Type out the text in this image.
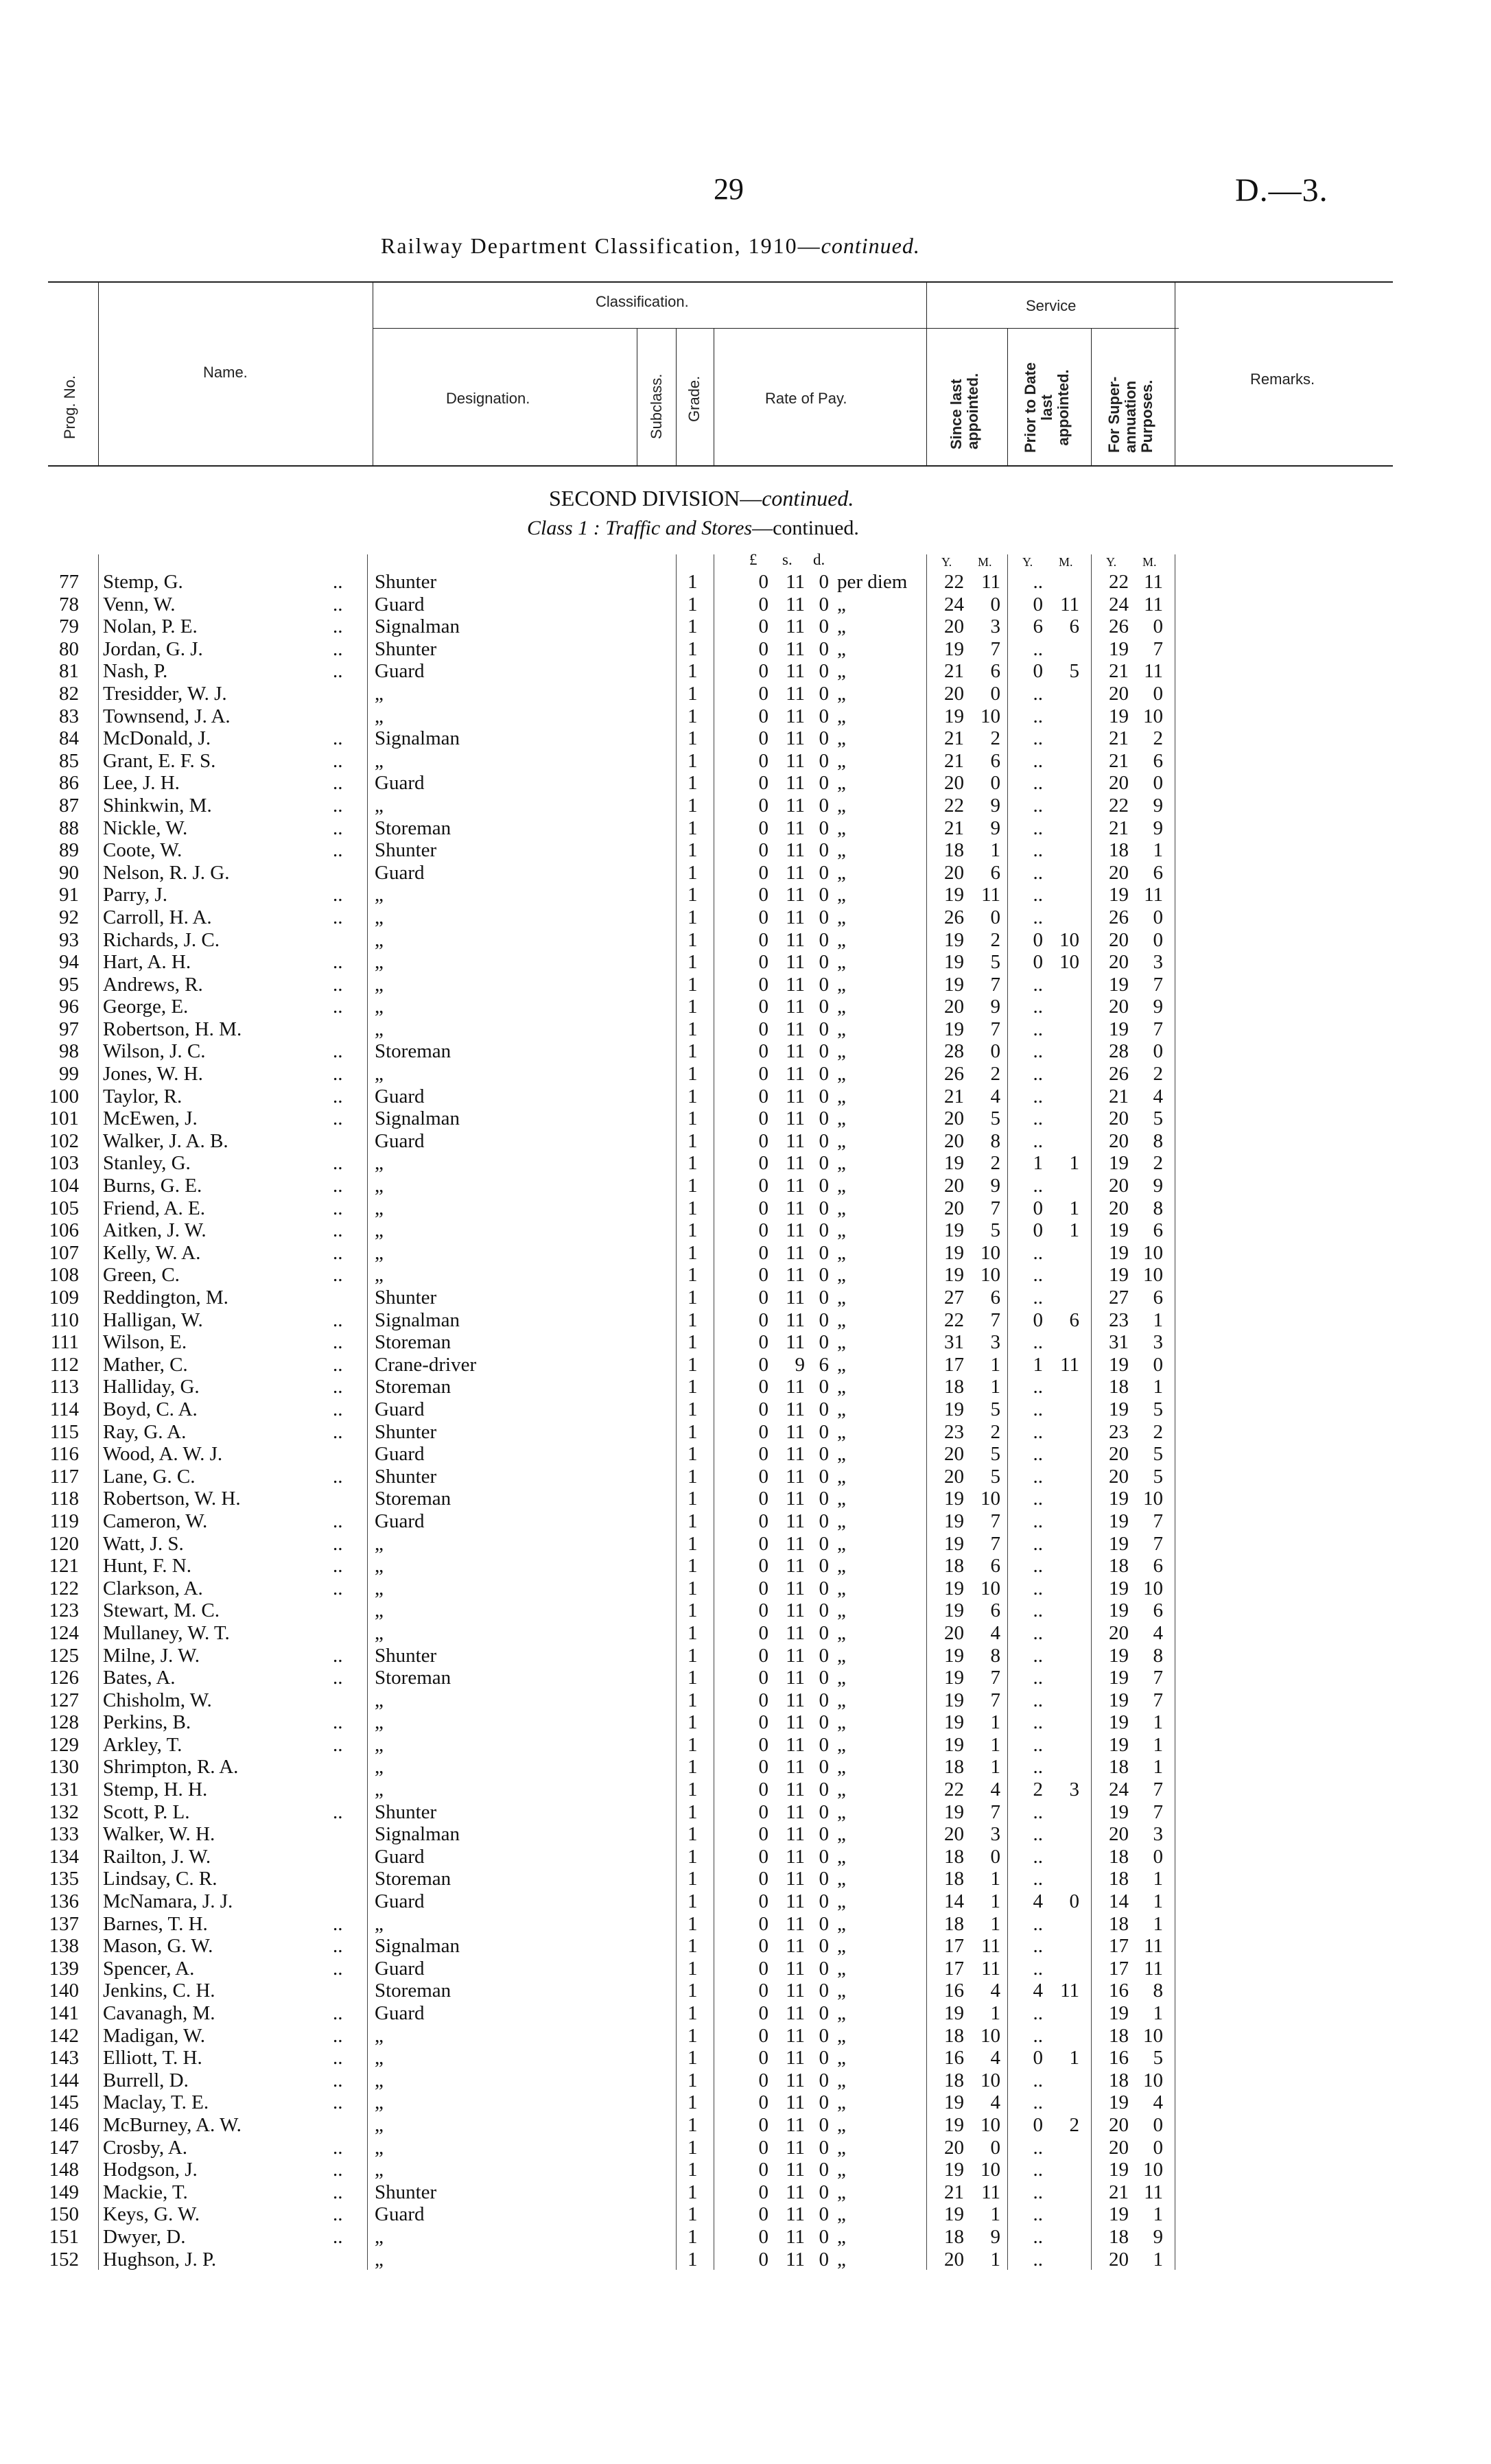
29	D.—3.
Railway Department Classification, 1910—continued.
Prog. No.
Name.
Classification.
Designation.	Subclass. Grade.	Rate of Pay.
Service
Since last appointed.	Prior to Date last appointed. For Super- annuation Purposes.
Remarks.
SECOND DIVISION—continued.
Class 1 : Traffic and Stores—continued.
£ s. d.	Y. M. Y. M.	Y. M.
77 Stemp, G.	.. Shunter	1	0 11 0 per diem	22 11	..	22 11
78 Venn, W.	.. Guard	1	0 11 0 „	24	0	0 11	24 11
79 Nolan, P. E.	.. Signalman	1	0 11 0 „	20	3	6	6	26	0
80 Jordan, G. J.	.. Shunter	1	0 11 0 „	19	7	..	19	7
81 Nash, P.	.. Guard	1	0 11 0 „	21	6	0	5	21 11
82 Tresidder, W. J.	„	1	0 11 0 „	20	0	..	20	0
83 Townsend, J. A.	„	1	0 11 0 „	19 10	..	19 10
84 McDonald, J.	.. Signalman	1	0 11 0 „	21	2	..	21	2
85 Grant, E. F. S.	.. „	1	0 11 0 „	21	6	..	21	6
86 Lee, J. H.	.. Guard	1	0 11 0 „	20	0	..	20	0
87 Shinkwin, M.	.. „	1	0 11 0 „	22	9	..	22	9
88 Nickle, W.	.. Storeman	1	0 11 0 „	21	9	..	21	9
89 Coote, W.	.. Shunter	1	0 11 0 „	18	1	..	18	1
90 Nelson, R. J. G.	Guard	1	0 11 0 „	20	6	..	20	6
91 Parry, J.	.. „	1	0 11 0 „	19 11	..	19 11
92 Carroll, H. A.	.. „	1	0 11 0 „	26	0	..	26	0
93 Richards, J. C.	„	1	0 11 0 „	19	2	0 10	20	0
94 Hart, A. H.	.. „	1	0 11 0 „	19	5	0 10	20	3
95 Andrews, R.	.. „	1	0 11 0 „	19	7	..	19	7
96 George, E.	.. „	1	0 11 0 „	20	9	..	20	9
97 Robertson, H. M.	„	1	0 11 0 „	19	7	..	19	7
98 Wilson, J. C.	.. Storeman	1	0 11 0 „	28	0	..	28	0
99 Jones, W. H.	.. „	1	0 11 0 „	26	2	..	26	2
100 Taylor, R.	.. Guard	1	0 11 0 „	21	4	..	21	4
101 McEwen, J.	.. Signalman	1	0 11 0 „	20	5	..	20	5
102 Walker, J. A. B.	Guard	1	0 11 0 „	20	8	..	20	8
103 Stanley, G.	.. „	1	0 11 0 „	19	2	1	1	19	2
104 Burns, G. E.	.. „	1	0 11 0 „	20	9	..	20	9
105 Friend, A. E.	.. „	1	0 11 0 „	20	7	0	1	20	8
106 Aitken, J. W.	.. „	1	0 11 0 „	19	5	0	1	19	6
107 Kelly, W. A.	.. „	1	0 11 0 „	19 10	..	19 10
108 Green, C.	.. „	1	0 11 0 „	19 10	..	19 10
109 Reddington, M.	Shunter	1	0 11 0 „	27	6	..	27	6
110 Halligan, W.	.. Signalman	1	0 11 0 „	22	7	0	6	23	1
111 Wilson, E.	.. Storeman	1	0 11 0 „	31	3	..	31	3
112 Mather, C.	.. Crane-driver	1	0	9 6 „	17	1	1 11	19	0
113 Halliday, G.	.. Storeman	1	0 11 0 „	18	1	..	18	1
114 Boyd, C. A.	.. Guard	1	0 11 0 „	19	5	..	19	5
115 Ray, G. A.	.. Shunter	1	0 11 0 „	23	2	..	23	2
116 Wood, A. W. J.	Guard	1	0 11 0 „	20	5	..	20	5
117 Lane, G. C.	.. Shunter	1	0 11 0 „	20	5	..	20	5
118 Robertson, W. H.	Storeman	1	0 11 0 „	19 10	..	19 10
119 Cameron, W.	.. Guard	1	0 11 0 „	19	7	..	19	7
120 Watt, J. S.	.. „	1	0 11 0 „	19	7	..	19	7
121 Hunt, F. N.	.. „	1	0 11 0 „	18	6	..	18	6
122 Clarkson, A.	.. „	1	0 11 0 „	19 10	..	19 10
123 Stewart, M. C.	„	1	0 11 0 „	19	6	..	19	6
124 Mullaney, W. T.	„	1	0 11 0 „	20	4	..	20	4
125 Milne, J. W.	.. Shunter	1	0 11 0 „	19	8	..	19	8
126 Bates, A.	.. Storeman	1	0 11 0 „	19	7	..	19	7
127 Chisholm, W.	„	1	0 11 0 „	19	7	..	19	7
128 Perkins, B.	.. „	1	0 11 0 „	19	1	..	19	1
129 Arkley, T.	.. „	1	0 11 0 „	19	1	..	19	1
130 Shrimpton, R. A.	„	1	0 11 0 „	18	1	..	18	1
131 Stemp, H. H.	„	1	0 11 0 „	22	4	2	3	24	7
132 Scott, P. L.	.. Shunter	1	0 11 0 „	19	7	..	19	7
133 Walker, W. H.	Signalman	1	0 11 0 „	20	3	..	20	3
134 Railton, J. W.	Guard	1	0 11 0 „	18	0	..	18	0
135 Lindsay, C. R.	Storeman	1	0 11 0 „	18	1	..	18	1
136 McNamara, J. J.	Guard	1	0 11 0 „	14	1	4	0	14	1
137 Barnes, T. H.	.. „	1	0 11 0 „	18	1	..	18	1
138 Mason, G. W.	.. Signalman	1	0 11 0 „	17 11	..	17 11
139 Spencer, A.	.. Guard	1	0 11 0 „	17 11	..	17 11
140 Jenkins, C. H.	Storeman	1	0 11 0 „	16	4	4 11	16	8
141 Cavanagh, M.	.. Guard	1	0 11 0 „	19	1	..	19	1
142 Madigan, W.	.. „	1	0 11 0 „	18 10	..	18 10
143 Elliott, T. H.	.. „	1	0 11 0 „	16	4	0	1	16	5
144 Burrell, D.	.. „	1	0 11 0 „	18 10	..	18 10
145 Maclay, T. E.	.. „	1	0 11 0 „	19	4	..	19	4
146 McBurney, A. W.	„	1	0 11 0 „	19 10	0	2	20	0
147 Crosby, A.	.. „	1	0 11 0 „	20	0	..	20	0
148 Hodgson, J.	.. „	1	0 11 0 „	19 10	..	19 10
149 Mackie, T.	.. Shunter	1	0 11 0 „	21 11	..	21 11
150 Keys, G. W.	.. Guard	1	0 11 0 „	19	1	..	19	1
151 Dwyer, D.	.. „	1	0 11 0 „	18	9	..	18	9
152 Hughson, J. P.	„	1	0 11 0 „	20	1	..	20	1
